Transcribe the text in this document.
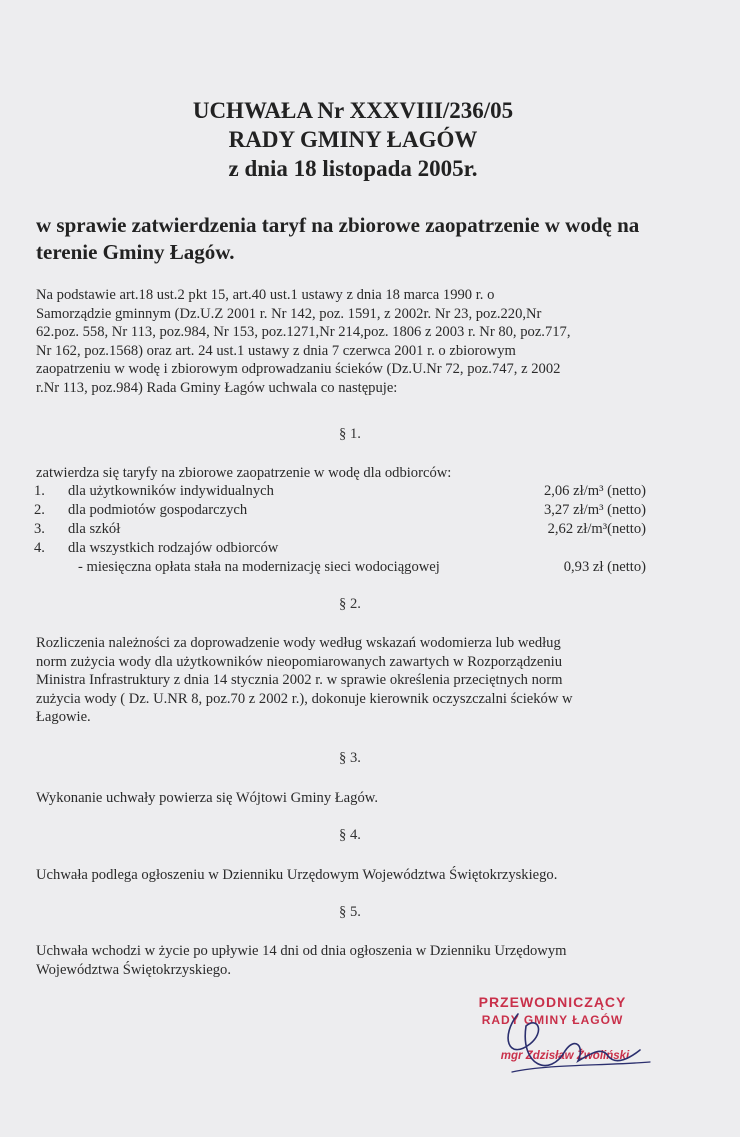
UCHWAŁA Nr XXXVIII/236/05
RADY GMINY ŁAGÓW
z dnia 18 listopada 2005r.
w sprawie zatwierdzenia taryf na zbiorowe zaopatrzenie w wodę na terenie Gminy Łagów.
Na podstawie art.18 ust.2 pkt 15, art.40 ust.1 ustawy z dnia 18 marca 1990 r. o
Samorządzie gminnym (Dz.U.Z 2001 r. Nr 142, poz. 1591, z 2002r. Nr 23, poz.220,Nr
62.poz. 558, Nr 113, poz.984, Nr 153, poz.1271,Nr 214,poz. 1806 z 2003 r. Nr 80, poz.717,
Nr 162, poz.1568) oraz art. 24 ust.1 ustawy z dnia 7 czerwca 2001 r. o zbiorowym
zaopatrzeniu w wodę i zbiorowym odprowadzaniu ścieków (Dz.U.Nr 72, poz.747, z 2002
r.Nr 113, poz.984) Rada Gminy Łagów uchwala co następuje:
§ 1.
zatwierdza się taryfy na zbiorowe zaopatrzenie w wodę dla odbiorców:
1. dla użytkowników indywidualnych	2,06 zł/m³ (netto)
2. dla podmiotów gospodarczych	3,27 zł/m³ (netto)
3. dla szkół	2,62 zł/m³(netto)
4. dla wszystkich rodzajów odbiorców
- miesięczna opłata stała na modernizację sieci wodociągowej	0,93 zł (netto)
§ 2.
Rozliczenia należności za doprowadzenie wody według wskazań wodomierza lub według
norm zużycia wody dla użytkowników nieopomiarowanych zawartych w Rozporządzeniu
Ministra Infrastruktury z dnia 14 stycznia 2002 r. w sprawie określenia przeciętnych norm
zużycia wody ( Dz. U.NR 8, poz.70 z 2002 r.), dokonuje kierownik oczyszczalni ścieków w
Łagowie.
§ 3.
Wykonanie uchwały powierza się Wójtowi Gminy Łagów.
§ 4.
Uchwała podlega ogłoszeniu w Dzienniku Urzędowym Województwa Świętokrzyskiego.
§ 5.
Uchwała wchodzi w życie po upływie 14 dni od dnia ogłoszenia w Dzienniku Urzędowym
Województwa Świętokrzyskiego.
PRZEWODNICZĄCY
RADY GMINY ŁAGÓW
mgr Zdzisław Żwoliński
